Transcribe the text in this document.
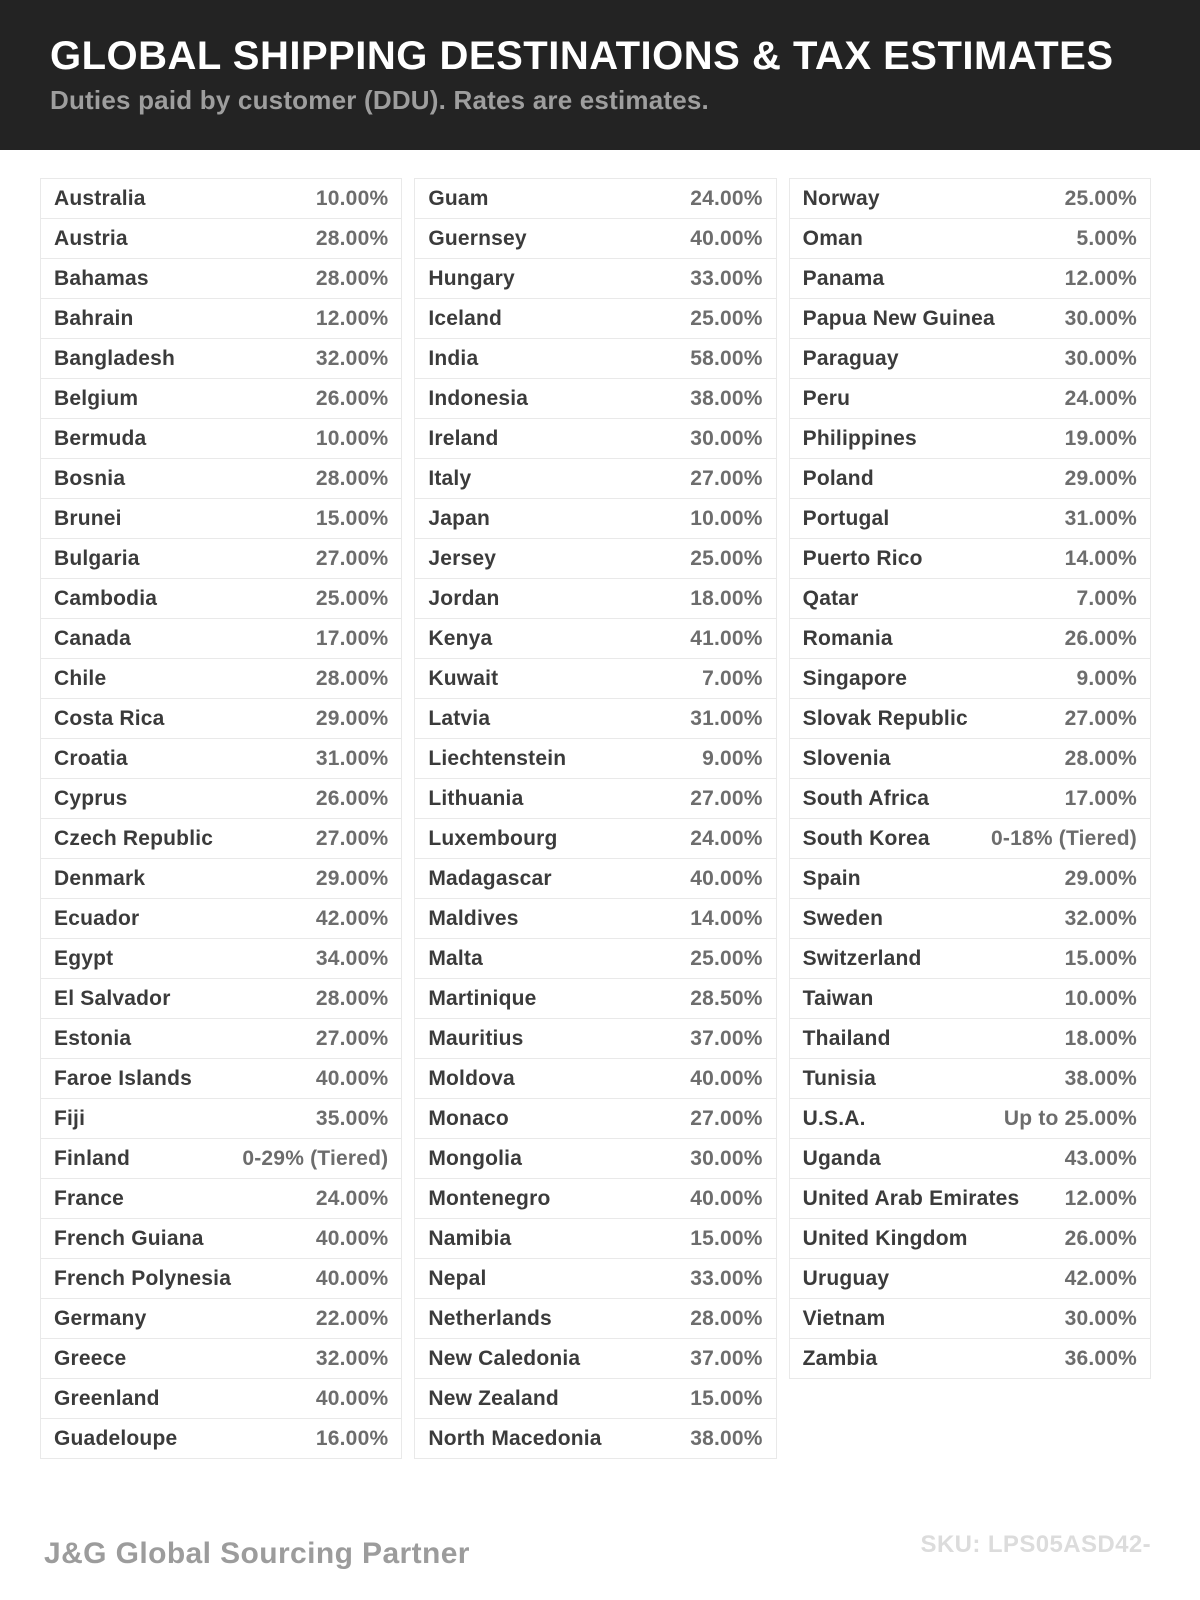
GLOBAL SHIPPING DESTINATIONS & TAX ESTIMATES
Duties paid by customer (DDU). Rates are estimates.
Australia	10.00%
Austria	28.00%
Bahamas	28.00%
Bahrain	12.00%
Bangladesh	32.00%
Belgium	26.00%
Bermuda	10.00%
Bosnia	28.00%
Brunei	15.00%
Bulgaria	27.00%
Cambodia	25.00%
Canada	17.00%
Chile	28.00%
Costa Rica	29.00%
Croatia	31.00%
Cyprus	26.00%
Czech Republic	27.00%
Denmark	29.00%
Ecuador	42.00%
Egypt	34.00%
El Salvador	28.00%
Estonia	27.00%
Faroe Islands	40.00%
Fiji	35.00%
Finland	0-29% (Tiered)
France	24.00%
French Guiana	40.00%
French Polynesia	40.00%
Germany	22.00%
Greece	32.00%
Greenland	40.00%
Guadeloupe	16.00%
Guam	24.00%
Guernsey	40.00%
Hungary	33.00%
Iceland	25.00%
India	58.00%
Indonesia	38.00%
Ireland	30.00%
Italy	27.00%
Japan	10.00%
Jersey	25.00%
Jordan	18.00%
Kenya	41.00%
Kuwait	7.00%
Latvia	31.00%
Liechtenstein	9.00%
Lithuania	27.00%
Luxembourg	24.00%
Madagascar	40.00%
Maldives	14.00%
Malta	25.00%
Martinique	28.50%
Mauritius	37.00%
Moldova	40.00%
Monaco	27.00%
Mongolia	30.00%
Montenegro	40.00%
Namibia	15.00%
Nepal	33.00%
Netherlands	28.00%
New Caledonia	37.00%
New Zealand	15.00%
North Macedonia	38.00%
Norway	25.00%
Oman	5.00%
Panama	12.00%
Papua New Guinea	30.00%
Paraguay	30.00%
Peru	24.00%
Philippines	19.00%
Poland	29.00%
Portugal	31.00%
Puerto Rico	14.00%
Qatar	7.00%
Romania	26.00%
Singapore	9.00%
Slovak Republic	27.00%
Slovenia	28.00%
South Africa	17.00%
South Korea	0-18% (Tiered)
Spain	29.00%
Sweden	32.00%
Switzerland	15.00%
Taiwan	10.00%
Thailand	18.00%
Tunisia	38.00%
U.S.A.	Up to 25.00%
Uganda	43.00%
United Arab Emirates 12.00%
United Kingdom	26.00%
Uruguay	42.00%
Vietnam	30.00%
Zambia	36.00%
J&G Global Sourcing Partner	SKU: LPS05ASD42-
